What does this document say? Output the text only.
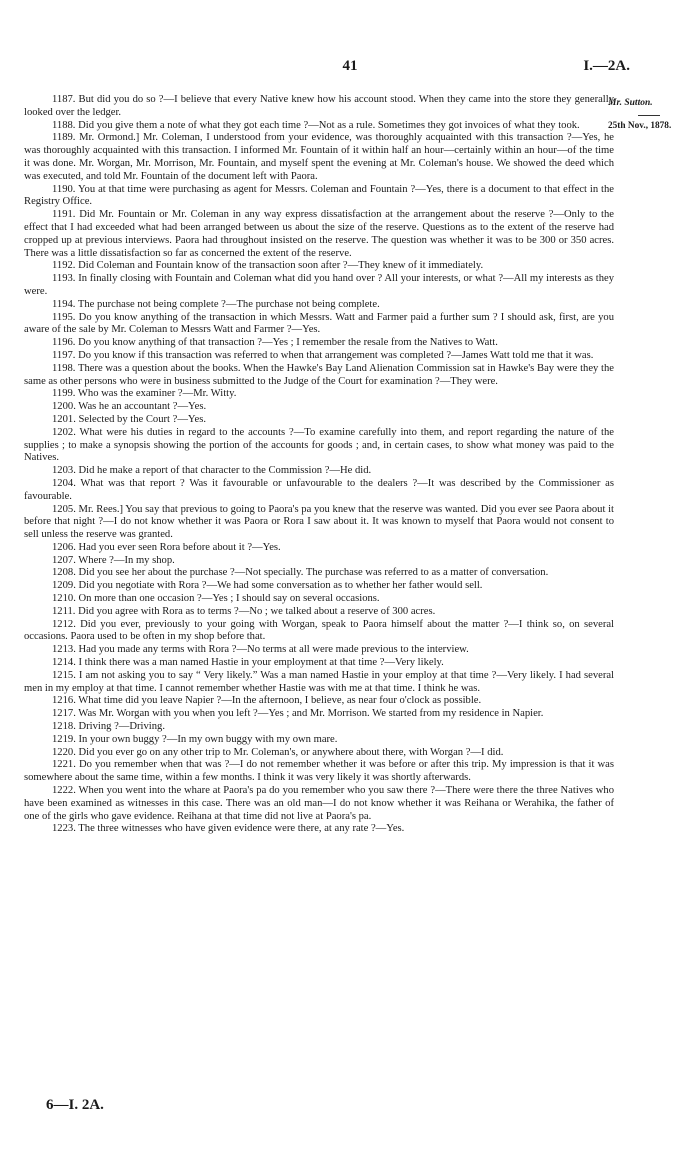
41	I.—2A.
Mr. Sutton.
25th Nov., 1878.

1187. But did you do so ?—I believe that every Native knew how his account stood. When they came into the store they generally looked over the ledger.

1188. Did you give them a note of what they got each time ?—Not as a rule. Sometimes they got invoices of what they took.

1189. Mr. Ormond.] Mr. Coleman, I understood from your evidence, was thoroughly acquainted with this transaction ?—Yes, he was thoroughly acquainted with this transaction. I informed Mr. Fountain of it within half an hour—certainly within an hour—of the time it was done. Mr. Worgan, Mr. Morrison, Mr. Fountain, and myself spent the evening at Mr. Coleman's house. We showed the deed which was executed, and told Mr. Fountain of the document left with Paora.

1190. You at that time were purchasing as agent for Messrs. Coleman and Fountain ?—Yes, there is a document to that effect in the Registry Office.

1191. Did Mr. Fountain or Mr. Coleman in any way express dissatisfaction at the arrangement about the reserve ?—Only to the effect that I had exceeded what had been arranged between us about the size of the reserve. Questions as to the extent of the reserve had cropped up at previous interviews. Paora had throughout insisted on the reserve. The question was whether it was to be 300 or 350 acres. There was a little dissatisfaction so far as concerned the extent of the reserve.

1192. Did Coleman and Fountain know of the transaction soon after ?—They knew of it immediately.

1193. In finally closing with Fountain and Coleman what did you hand over ? All your interests, or what ?—All my interests as they were.

1194. The purchase not being complete ?—The purchase not being complete.

1195. Do you know anything of the transaction in which Messrs. Watt and Farmer paid a further sum ? I should ask, first, are you aware of the sale by Mr. Coleman to Messrs Watt and Farmer ?—Yes.

1196. Do you know anything of that transaction ?—Yes ; I remember the resale from the Natives to Watt.

1197. Do you know if this transaction was referred to when that arrangement was completed ?—James Watt told me that it was.

1198. There was a question about the books. When the Hawke's Bay Land Alienation Commission sat in Hawke's Bay were they the same as other persons who were in business submitted to the Judge of the Court for examination ?—They were.

1199. Who was the examiner ?—Mr. Witty.

1200. Was he an accountant ?—Yes.

1201. Selected by the Court ?—Yes.

1202. What were his duties in regard to the accounts ?—To examine carefully into them, and report regarding the nature of the supplies ; to make a synopsis showing the portion of the accounts for goods ; and, in certain cases, to show what money was paid to the Natives.

1203. Did he make a report of that character to the Commission ?—He did.

1204. What was that report ? Was it favourable or unfavourable to the dealers ?—It was described by the Commissioner as favourable.

1205. Mr. Rees.] You say that previous to going to Paora's pa you knew that the reserve was wanted. Did you ever see Paora about it before that night ?—I do not know whether it was Paora or Rora I saw about it. It was known to myself that Paora would not consent to sell unless the reserve was granted.

1206. Had you ever seen Rora before about it ?—Yes.

1207. Where ?—In my shop.

1208. Did you see her about the purchase ?—Not specially. The purchase was referred to as a matter of conversation.

1209. Did you negotiate with Rora ?—We had some conversation as to whether her father would sell.

1210. On more than one occasion ?—Yes ; I should say on several occasions.

1211. Did you agree with Rora as to terms ?—No ; we talked about a reserve of 300 acres.

1212. Did you ever, previously to your going with Worgan, speak to Paora himself about the matter ?—I think so, on several occasions. Paora used to be often in my shop before that.

1213. Had you made any terms with Rora ?—No terms at all were made previous to the interview.

1214. I think there was a man named Hastie in your employment at that time ?—Very likely.

1215. I am not asking you to say “ Very likely.” Was a man named Hastie in your employ at that time ?—Very likely. I had several men in my employ at that time. I cannot remember whether Hastie was with me at that time. I think he was.

1216. What time did you leave Napier ?—In the afternoon, I believe, as near four o'clock as possible.

1217. Was Mr. Worgan with you when you left ?—Yes ; and Mr. Morrison. We started from my residence in Napier.

1218. Driving ?—Driving.

1219. In your own buggy ?—In my own buggy with my own mare.

1220. Did you ever go on any other trip to Mr. Coleman's, or anywhere about there, with Worgan ?—I did.

1221. Do you remember when that was ?—I do not remember whether it was before or after this trip. My impression is that it was somewhere about the same time, within a few months. I think it was very likely it was shortly afterwards.

1222. When you went into the whare at Paora's pa do you remember who you saw there ?—There were there the three Natives who have been examined as witnesses in this case. There was an old man—I do not know whether it was Reihana or Werahika, the father of one of the girls who gave evidence. Reihana at that time did not live at Paora's pa.

1223. The three witnesses who have given evidence were there, at any rate ?—Yes.

6—I. 2A.
